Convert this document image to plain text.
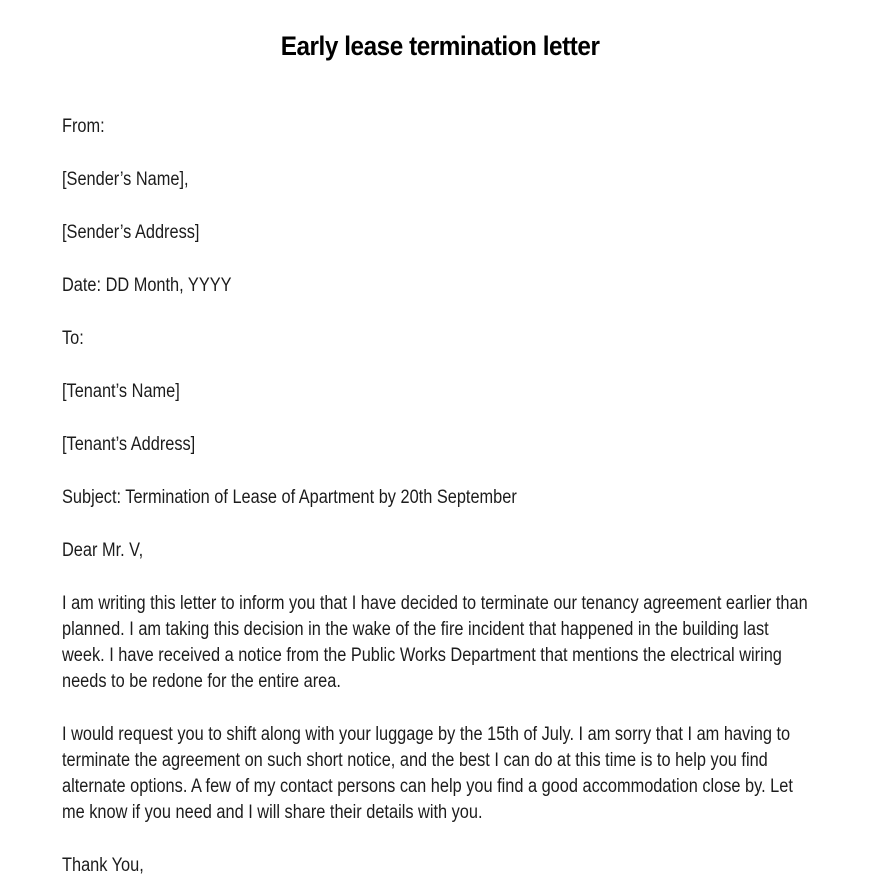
Early lease termination letter

From:

[Sender’s Name],

[Sender’s Address]

Date: DD Month, YYYY

To:

[Tenant’s Name]

[Tenant’s Address]

Subject: Termination of Lease of Apartment by 20th September

Dear Mr. V,

I am writing this letter to inform you that I have decided to terminate our tenancy agreement earlier than planned. I am taking this decision in the wake of the fire incident that happened in the building last week. I have received a notice from the Public Works Department that mentions the electrical wiring needs to be redone for the entire area.

I would request you to shift along with your luggage by the 15th of July. I am sorry that I am having to terminate the agreement on such short notice, and the best I can do at this time is to help you find alternate options. A few of my contact persons can help you find a good accommodation close by. Let me know if you need and I will share their details with you.

Thank You,
